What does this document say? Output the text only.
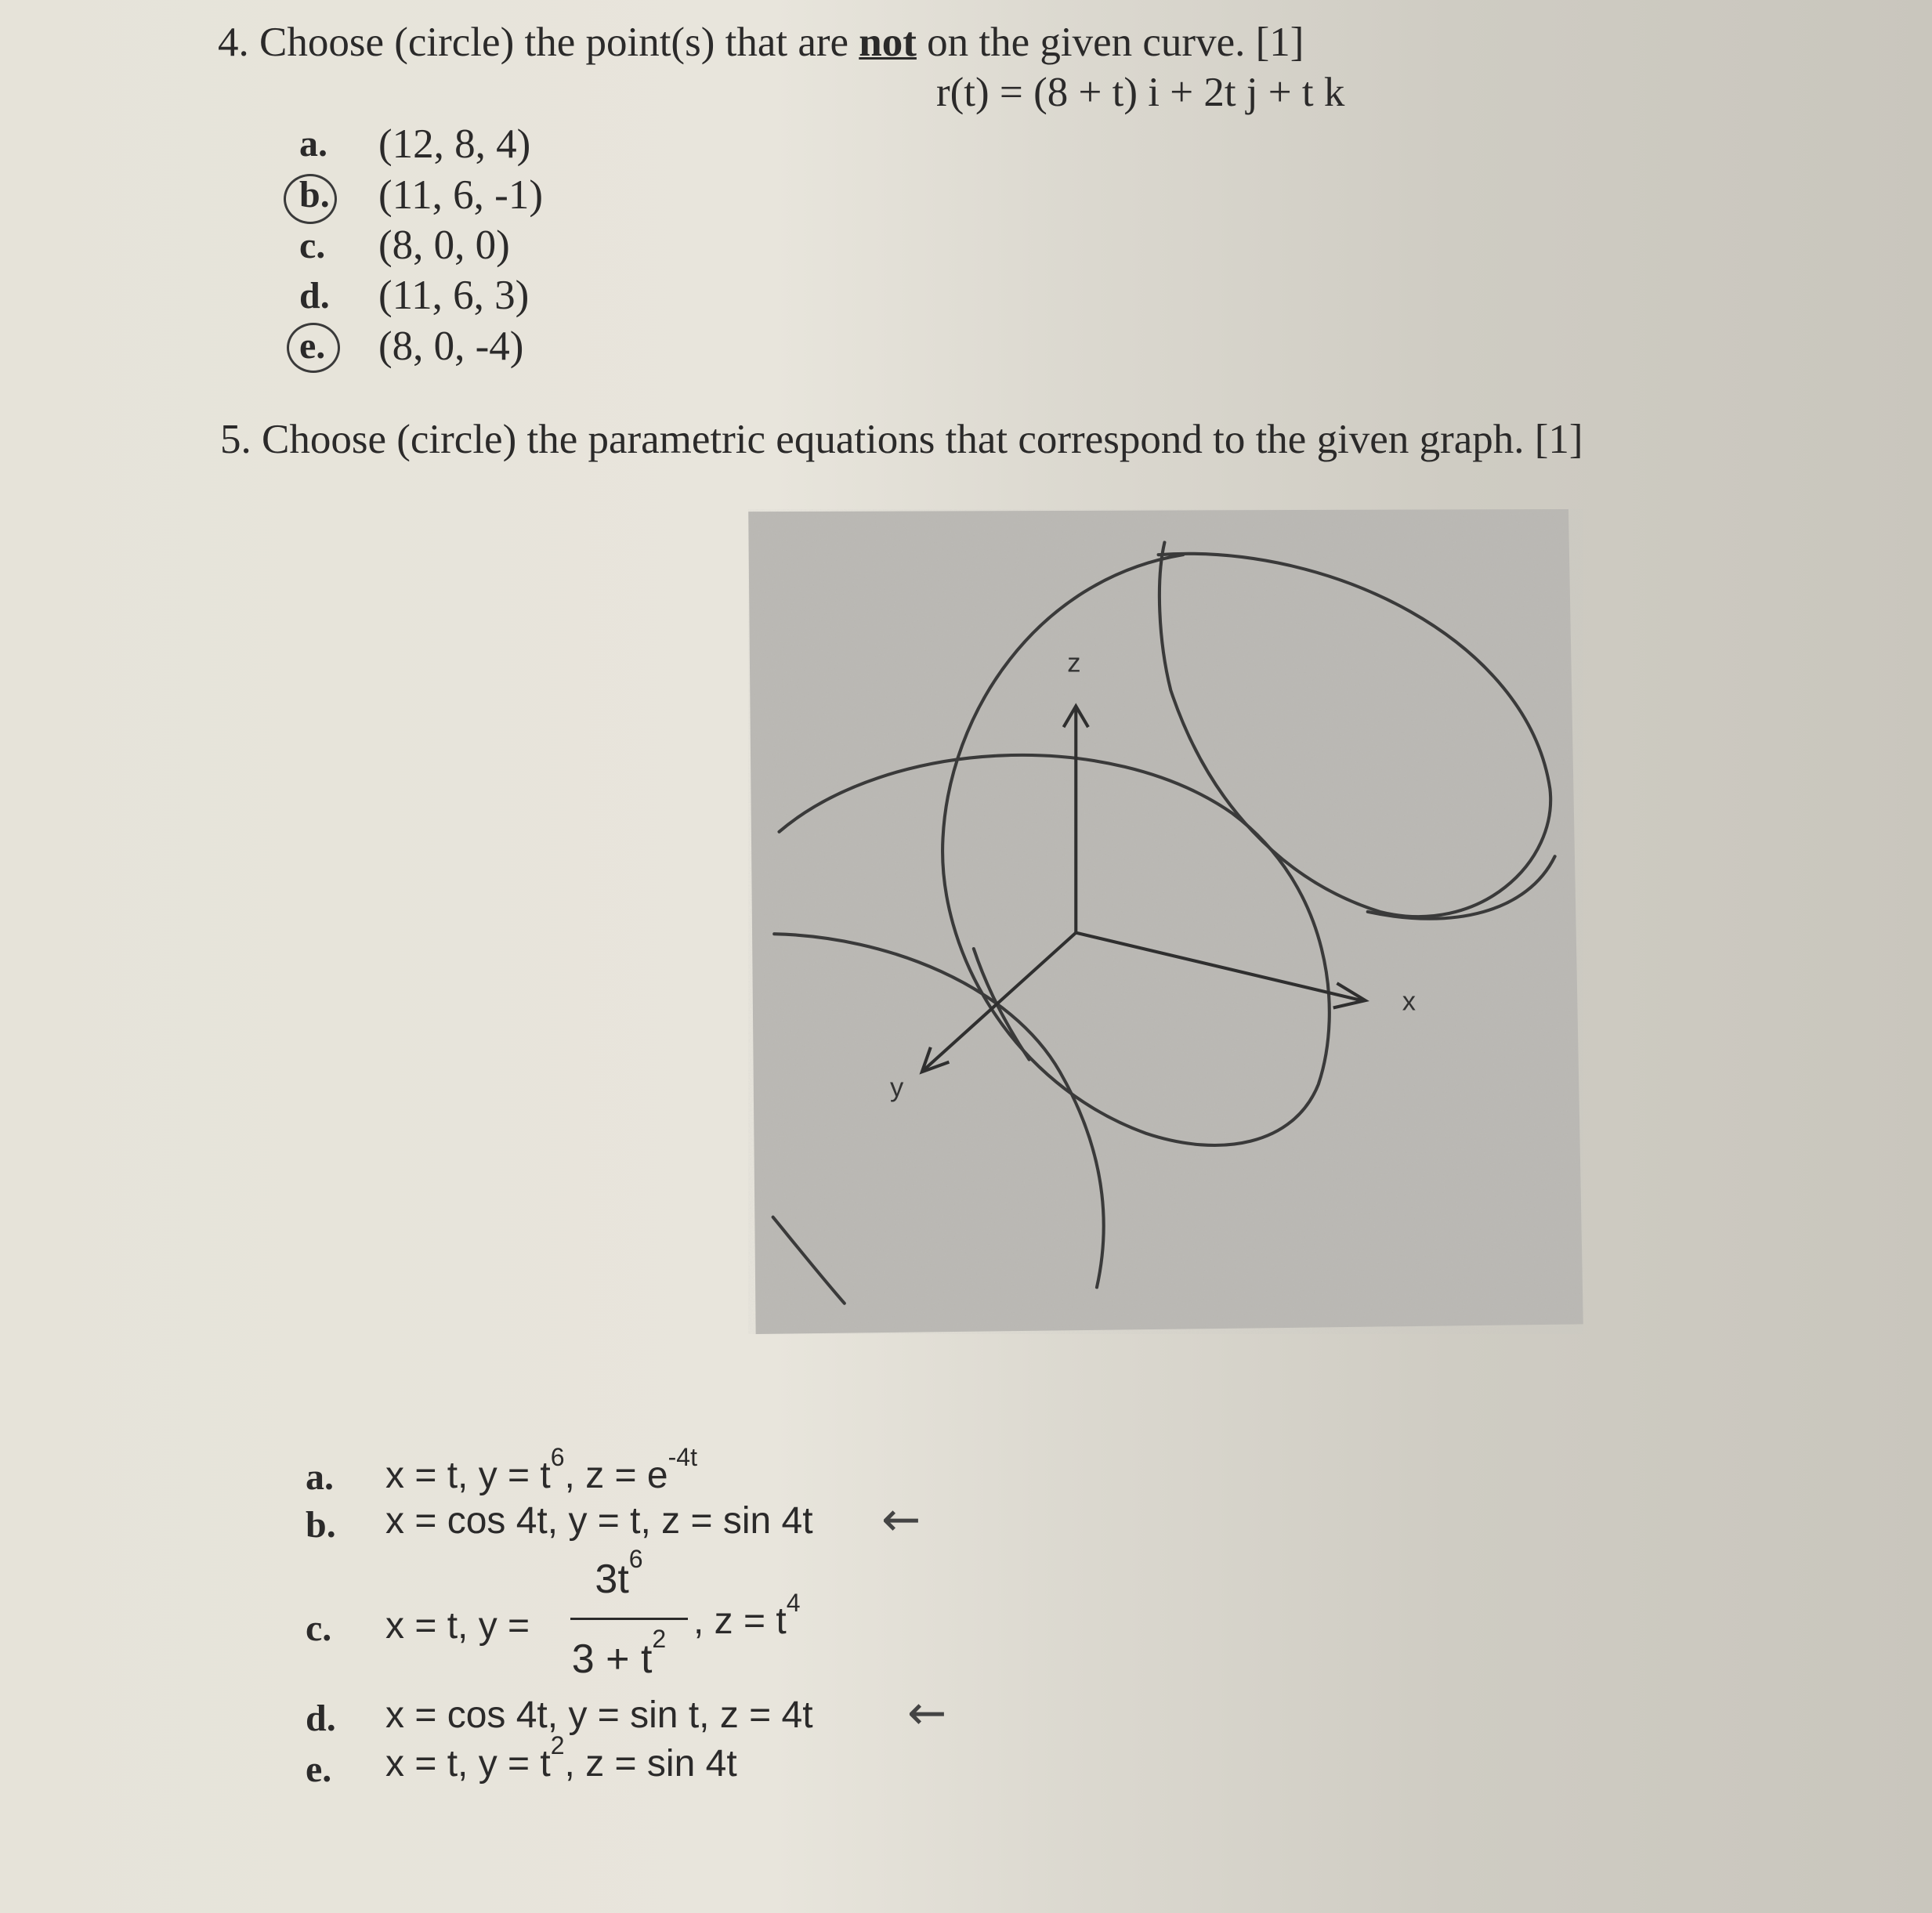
4. Choose (circle) the point(s) that are not on the given curve. [1]
r(t) = (8 + t) i + 2t j + t k
a. (12, 8, 4)
b. (11, 6, -1)
c. (8, 0, 0)
d. (11, 6, 3)
e. (8, 0, -4)
5. Choose (circle) the parametric equations that correspond to the given graph. [1]
z
x
y
a. x = t, $y = t^6$, $z = e^{-4t}$
b. x = cos 4t, y = t, z = sin 4t ←
c. x = t, y =
$3t^6$
$3 + t^2$ , $z = t^4$
d. x = cos 4t, y = sin t, z = 4t ←
e. x = t, $y = t^2$, z = sin 4t
